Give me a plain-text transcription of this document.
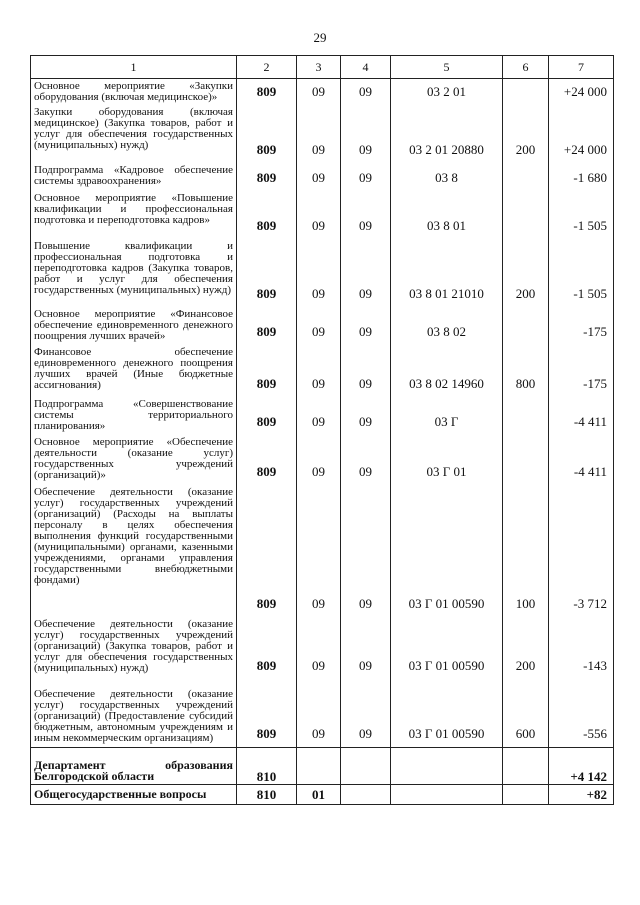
29
1	2	3	4	5	6	7
Основное мероприятие «Закупки оборудования (включая медицинское)»	809	09	09	03 2 01		+24 000
Закупки оборудования (включая медицинское) (Закупка товаров, работ и услуг для обеспечения государственных (муниципальных) нужд)	809	09	09	03 2 01 20880	200	+24 000
Подпрограмма «Кадровое обеспечение системы здравоохранения»	809	09	09	03 8		-1 680
Основное мероприятие «Повышение квалификации и профессиональная подготовка и переподготовка кадров»	809	09	09	03 8 01		-1 505
Повышение квалификации и профессиональная подготовка и переподготовка кадров (Закупка товаров, работ и услуг для обеспечения государственных (муниципальных) нужд)	809	09	09	03 8 01 21010	200	-1 505
Основное мероприятие «Финансовое обеспечение единовременного денежного поощрения лучших врачей»	809	09	09	03 8 02		-175
Финансовое обеспечение единовременного денежного поощрения лучших врачей (Иные бюджетные ассигнования)	809	09	09	03 8 02 14960	800	-175
Подпрограмма «Совершенствование системы территориального планирования»	809	09	09	03 Г		-4 411
Основное мероприятие «Обеспечение деятельности (оказание услуг) государственных учреждений (организаций)»	809	09	09	03 Г 01		-4 411
Обеспечение деятельности (оказание услуг) государственных учреждений (организаций) (Расходы на выплаты персоналу в целях обеспечения выполнения функций государственными (муниципальными) органами, казенными учреждениями, органами управления государственными внебюджетными фондами)	809	09	09	03 Г 01 00590	100	-3 712
Обеспечение деятельности (оказание услуг) государственных учреждений (организаций) (Закупка товаров, работ и услуг для обеспечения государственных (муниципальных) нужд)	809	09	09	03 Г 01 00590	200	-143
Обеспечение деятельности (оказание услуг) государственных учреждений (организаций) (Предоставление субсидий бюджетным, автономным учреждениям и иным некоммерческим организациям)	809	09	09	03 Г 01 00590	600	-556
Департамент образования Белгородской области	810					+4 142
Общегосударственные вопросы	810	01				+82
